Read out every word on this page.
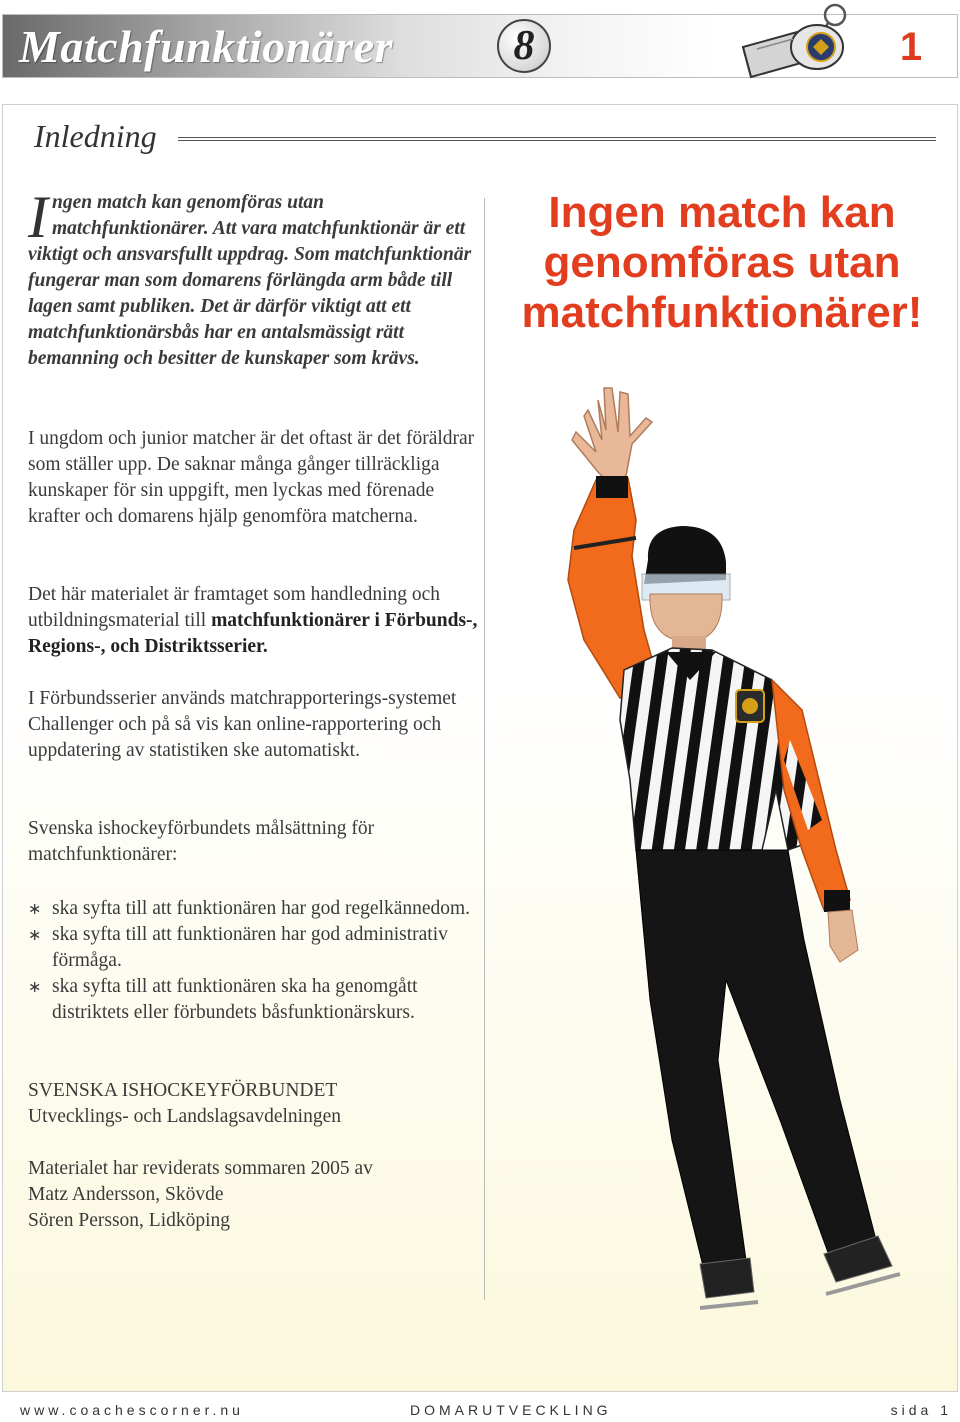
Matchfunktionärer	8	1
Inledning
Ingen match kan genomföras utan matchfunktionärer. Att vara matchfunktionär är ett viktigt och ansvarsfullt uppdrag. Som matchfunktionär fungerar man som domarens förlängda arm både till lagen samt publiken. Det är därför viktigt att ett matchfunktionärsbås har en antalsmässigt rätt bemanning och besitter de kunskaper som krävs.
I ungdom och junior matcher är det oftast är det föräldrar som ställer upp. De saknar många gånger tillräckliga kunskaper för sin uppgift, men lyckas med förenade krafter och domarens hjälp genomföra matcherna.
Det här materialet är framtaget som handledning och utbildningsmaterial till matchfunktionärer i Förbunds-, Regions-, och Distriktsserier.
I Förbundsserier används matchrapporterings-systemet Challenger och på så vis kan online-rapportering och uppdatering av statistiken ske automatiskt.
Svenska ishockeyförbundets målsättning för matchfunktionärer:
∗ ska syfta till att funktionären har god regelkännedom.
∗ ska syfta till att funktionären har god administrativ förmåga.
∗ ska syfta till att funktionären ska ha genomgått distriktets eller förbundets båsfunktionärskurs.
SVENSKA ISHOCKEYFÖRBUNDET
Utvecklings- och Landslagsavdelningen
Materialet har reviderats sommaren 2005 av
Matz Andersson, Skövde
Sören Persson, Lidköping
Ingen match kan
genomföras utan
matchfunktionärer!
www.coachescorner.nu	DOMARUTVECKLING	sida 1
